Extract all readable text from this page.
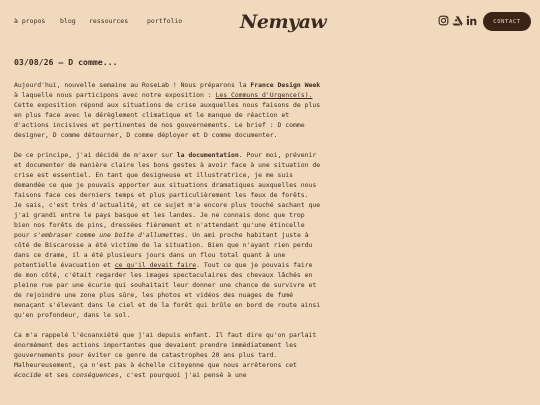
à propos blog ressources	portfolio	Nemyaw	CONTACT
03/08/26 — D comme...

Aujourd'hui, nouvelle semaine au RoseLab ! Nous préparons la France Design Week à laquelle nous participons avec notre exposition : Les Communs d'Urgence(s). Cette exposition répond aux situations de crise auxquelles nous faisons de plus en plus face avec le dérèglement climatique et le manque de réaction et d'actions incisives et pertinentes de nos gouvernements. Le brief : D comme designer, D comme détourner, D comme déployer et D comme documenter.

De ce principe, j'ai décidé de m'axer sur la documentation. Pour moi, prévenir et documenter de manière claire les bons gestes à avoir face à une situation de crise est essentiel. En tant que designeuse et illustratrice, je me suis demandée ce que je pouvais apporter aux situations dramatiques auxquelles nous faisons face ces derniers temps et plus particulièrement les feux de forêts.

Je sais, c'est très d'actualité, et ce sujet m'a encore plus touché sachant que j'ai grandi entre le pays basque et les landes. Je ne connais donc que trop bien nos forêts de pins, dressées fièrement et n'attendant qu'une étincelle pour s'embraser comme une boîte d'allumettes. Un ami proche habitant juste à côté de Biscarosse a été victime de la situation. Bien que n'ayant rien perdu dans ce drame, il a été plusieurs jours dans un flou total quant à une potentielle évacuation et ce qu'il devait faire. Tout ce que je pouvais faire de mon côté, c'était regarder les images spectaculaires des chevaux lâchés en pleine rue par une écurie qui souhaitait leur donner une chance de survivre et de rejoindre une zone plus sûre, les photos et vidéos des nuages de fumé menaçant s'élevant dans le ciel et de la forêt qui brûle en bord de route ainsi qu'en profondeur, dans le sol.

Ca m'a rappelé l'écoanxiété que j'ai depuis enfant. Il faut dire qu'on parlait énormément des actions importantes que devaient prendre immédiatement les gouvernements pour éviter ce genre de catastrophes 20 ans plus tard. Malheureusement, ça n'est pas à échelle citoyenne que nous arrêterons cet écocide et ses conséquences, c'est pourquoi j'ai pensé à une
